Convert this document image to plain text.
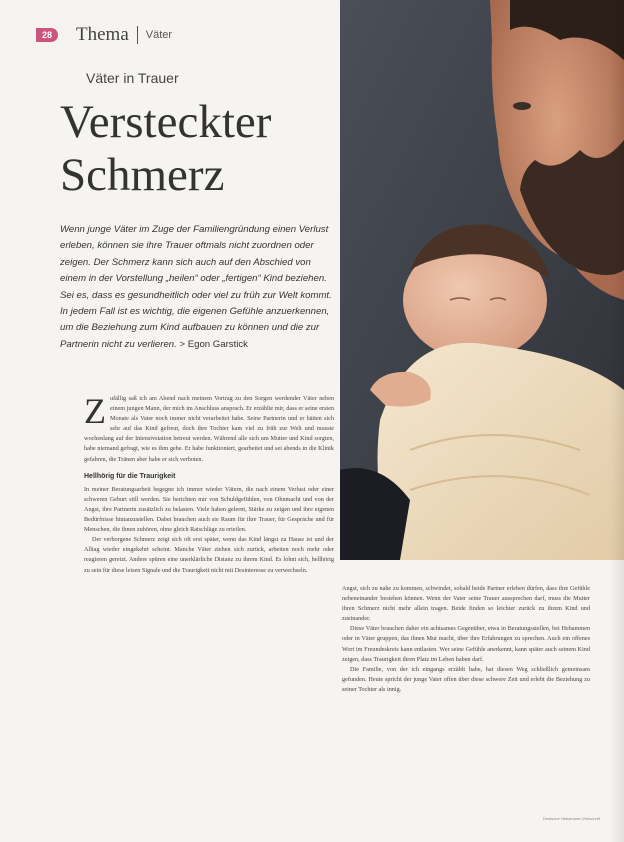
28	Thema Väter
Väter in Trauer
Versteckter
Schmerz
Wenn junge Väter im Zuge der Familiengründung einen Verlust erleben, können sie ihre Trauer oftmals nicht zuordnen oder zeigen. Der Schmerz kann sich auch auf den Abschied von einem in der Vorstellung „heilen“ oder „fertigen“ Kind beziehen. Sei es, dass es gesundheitlich oder viel zu früh zur Welt kommt. In jedem Fall ist es wichtig, die eigenen Gefühle anzuerkennen, um die Beziehung zum Kind aufbauen zu können und die zur Partnerin nicht zu verlieren. > Egon Garstick

Zufällig saß ich am Abend nach meinem Vortrag zu den Sorgen werdender Väter neben einem jungen Mann, der mich im Anschluss ansprach. Er erzählte mir, dass er seine ersten Monate als Vater noch immer nicht verarbeitet habe. Seine Partnerin und er hätten sich sehr auf das Kind gefreut, doch ihre Tochter kam viel zu früh zur Welt und musste wochenlang auf der Intensivstation betreut werden. Während alle sich um Mutter und Kind sorgten, habe niemand gefragt, wie es ihm gehe. Er habe funktioniert, gearbeitet und sei abends in die Klinik gefahren, die Tränen aber habe er sich verboten.

Hellhörig für die Traurigkeit

In meiner Beratungsarbeit begegne ich immer wieder Vätern, die nach einem Verlust oder einer schweren Geburt still werden. Sie berichten mir von Schuldgefühlen, von Ohnmacht und von der Angst, ihre Partnerin zusätzlich zu belasten. Viele haben gelernt, Stärke zu zeigen und ihre eigenen Bedürfnisse hintanzustellen. Dabei brauchen auch sie Raum für ihre Trauer, für Gespräche und für Menschen, die ihnen zuhören, ohne gleich Ratschläge zu erteilen.

Der verborgene Schmerz zeigt sich oft erst später, wenn das Kind längst zu Hause ist und der Alltag wieder eingekehrt scheint. Manche Väter ziehen sich zurück, arbeiten noch mehr oder reagieren gereizt. Andere spüren eine unerklärliche Distanz zu ihrem Kind. Es lohnt sich, hellhörig zu sein für diese leisen Signale und die Traurigkeit nicht mit Desinteresse zu verwechseln.

Angst, sich zu nahe zu kommen, schwindet, sobald beide Partner erleben dürfen, dass ihre Gefühle nebeneinander bestehen können. Wenn der Vater seine Trauer aussprechen darf, muss die Mutter ihren Schmerz nicht mehr allein tragen. Beide finden so leichter zurück zu ihrem Kind und zueinander.

Diese Väter brauchen daher ein achtsames Gegenüber, etwa in Beratungsstellen, bei Hebammen oder in Väter gruppen, das ihnen Mut macht, über ihre Erfahrungen zu sprechen. Auch ein offenes Wort im Freundeskreis kann entlasten. Wer seine Gefühle anerkennt, kann später auch seinem Kind zeigen, dass Traurigkeit ihren Platz im Leben haben darf.

Die Familie, von der ich eingangs erzählt habe, hat diesen Weg schließlich gemeinsam gefunden. Heute spricht der junge Vater offen über diese schwere Zeit und erlebt die Beziehung zu seiner Tochter als innig.

Deutsche Hebammen Zeitschrift
